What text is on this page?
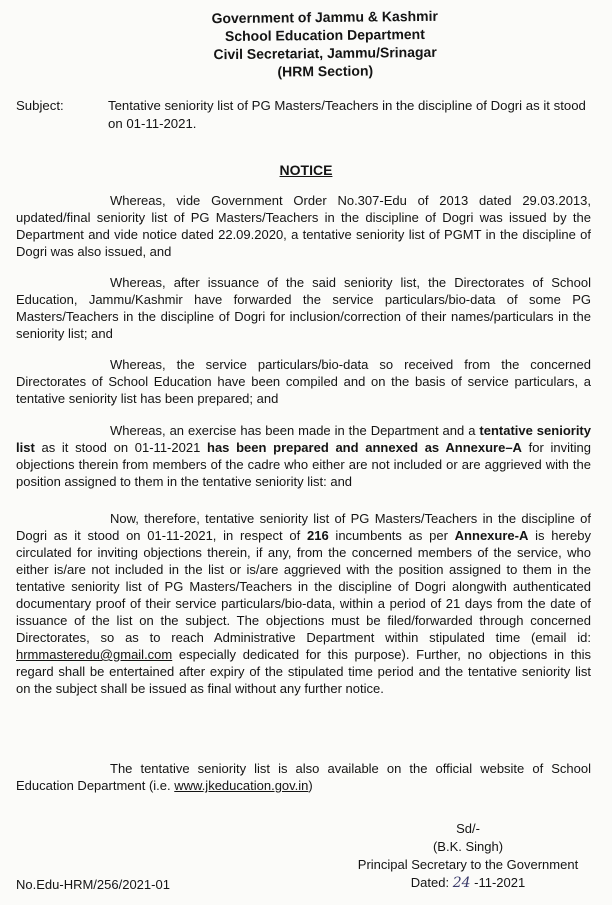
Government of Jammu & Kashmir
School Education Department
Civil Secretariat, Jammu/Srinagar
(HRM Section)
Subject:	Tentative seniority list of PG Masters/Teachers in the discipline of Dogri as it stood on 01-11-2021.
NOTICE

Whereas, vide Government Order No.307-Edu of 2013 dated 29.03.2013, updated/final seniority list of PG Masters/Teachers in the discipline of Dogri was issued by the Department and vide notice dated 22.09.2020, a tentative seniority list of PGMT in the discipline of Dogri was also issued, and

Whereas, after issuance of the said seniority list, the Directorates of School Education, Jammu/Kashmir have forwarded the service particulars/bio-data of some PG Masters/Teachers in the discipline of Dogri for inclusion/correction of their names/particulars in the seniority list; and

Whereas, the service particulars/bio-data so received from the concerned Directorates of School Education have been compiled and on the basis of service particulars, a tentative seniority list has been prepared; and

Whereas, an exercise has been made in the Department and a tentative seniority list as it stood on 01-11-2021 has been prepared and annexed as Annexure–A for inviting objections therein from members of the cadre who either are not included or are aggrieved with the position assigned to them in the tentative seniority list: and

Now, therefore, tentative seniority list of PG Masters/Teachers in the discipline of Dogri as it stood on 01-11-2021, in respect of 216 incumbents as per Annexure-A is hereby circulated for inviting objections therein, if any, from the concerned members of the service, who either is/are not included in the list or is/are aggrieved with the position assigned to them in the tentative seniority list of PG Masters/Teachers in the discipline of Dogri alongwith authenticated documentary proof of their service particulars/bio-data, within a period of 21 days from the date of issuance of the list on the subject. The objections must be filed/forwarded through concerned Directorates, so as to reach Administrative Department within stipulated time (email id: hrmmasteredu@gmail.com especially dedicated for this purpose). Further, no objections in this regard shall be entertained after expiry of the stipulated time period and the tentative seniority list on the subject shall be issued as final without any further notice.

The tentative seniority list is also available on the official website of School Education Department (i.e. www.jkeducation.gov.in)

Sd/-
(B.K. Singh)
Principal Secretary to the Government
Dated: 24 -11-2021
No.Edu-HRM/256/2021-01
